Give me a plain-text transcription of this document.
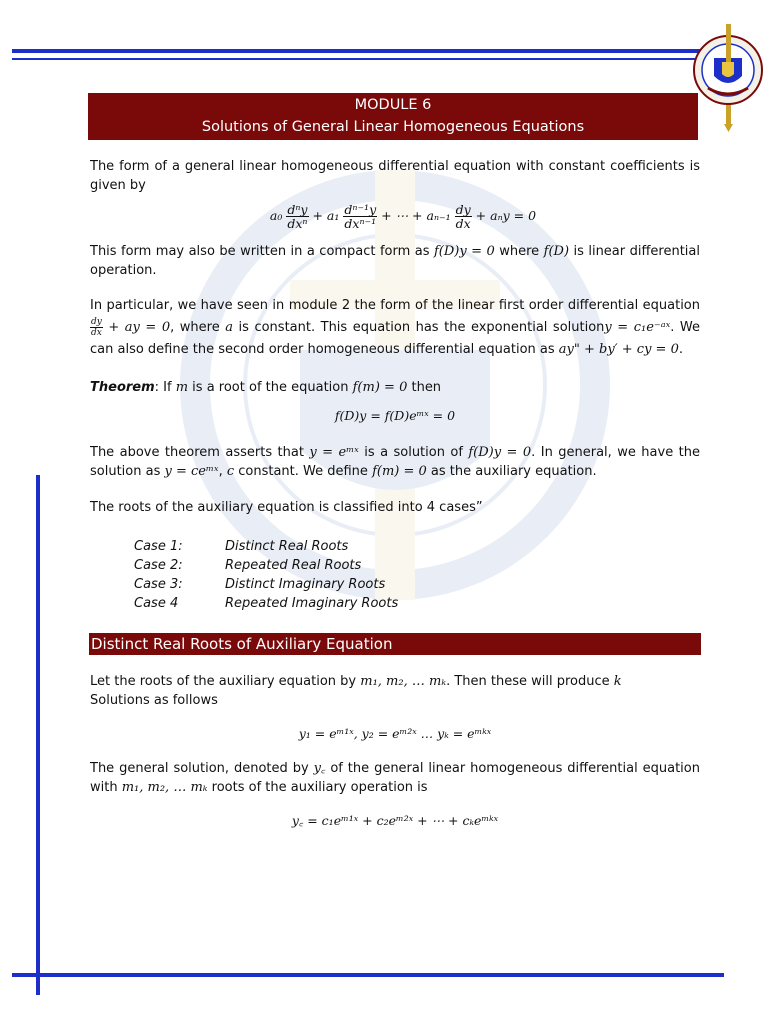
MODULE 6
Solutions of General Linear Homogeneous Equations

The form of a general linear homogeneous differential equation with constant coefficients is given by

$a_0 \frac{\text{dⁿy}}{\text{dxⁿ}} + a_1 \frac{\text{dⁿ⁻¹y}}{\text{dxⁿ⁻¹}}$ + ⋯ + $a_{n-1} \frac{dy}{dx} + a_ny = 0$

This form may also be written in a compact form as f(D)y = 0 where f(D) is linear differential operation.

In particular, we have seen in module 2 the form of the linear first order differential equation
$\frac{dy}{dx}$ + ay = 0, where a is constant. This equation has the exponential solutiony = c₁e⁻ᵃˣ. We can also define the second order homogeneous differential equation as ay" + by′ + cy = 0.

Theorem: If m is a root of the equation f(m) = 0 then

f(D)y = f(D)eᵐˣ = 0

The above theorem asserts that y = eᵐˣ is a solution of f(D)y = 0. In general, we have the solution as y = ceᵐˣ, c constant. We define f(m) = 0 as the auxiliary equation.

The roots of the auxiliary equation is classified into 4 cases”

Case 1:	Distinct Real Roots
Case 2:	Repeated Real Roots
Case 3:	Distinct Imaginary Roots
Case 4	Repeated Imaginary Roots
Distinct Real Roots of Auxiliary Equation

Let the roots of the auxiliary equation by m₁, m₂, … mₖ. Then these will produce k
Solutions as follows

y₁ = eᵐ¹ˣ, y₂ = eᵐ²ˣ … yₖ = eᵐᵏˣ

The general solution, denoted by y꜀ of the general linear homogeneous differential equation with m₁, m₂, … mₖ roots of the auxiliary operation is

y꜀ = c₁eᵐ¹ˣ + c₂eᵐ²ˣ + ⋯ + cₖeᵐᵏˣ
